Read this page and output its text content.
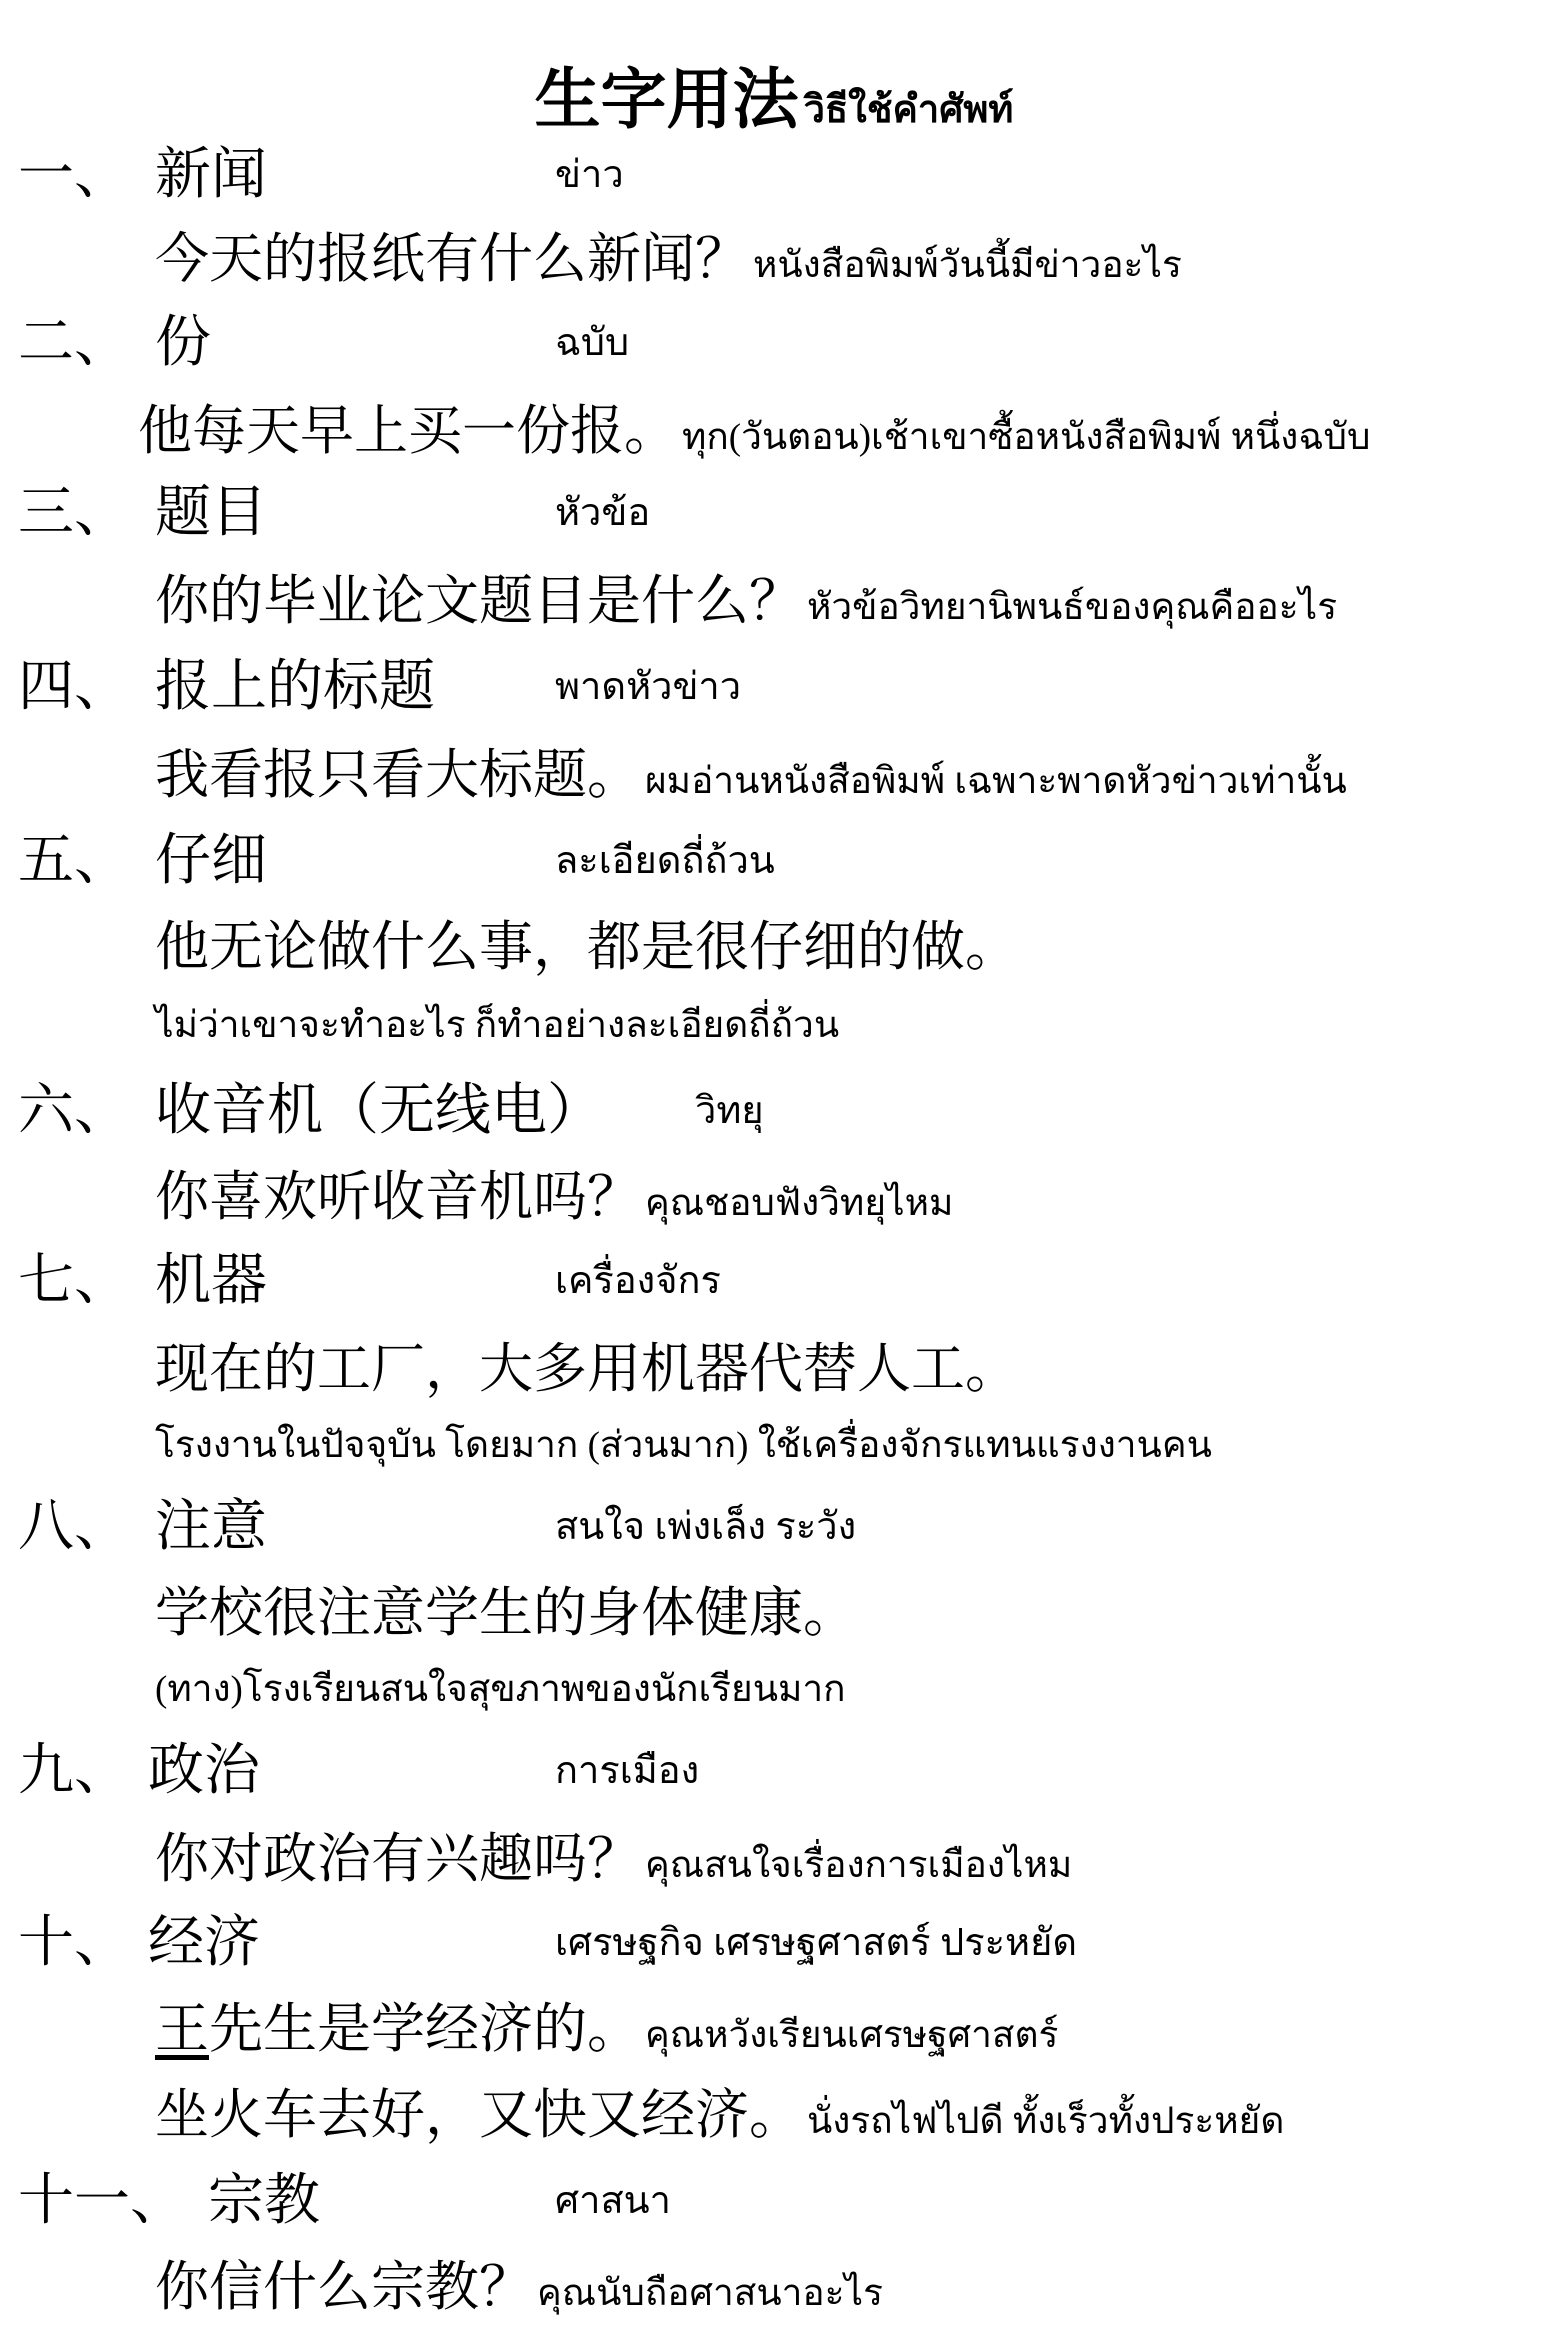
生字用法 วิธีใช้คำศัพท์
一、 新闻	ข่าว
今天的报纸有什么新闻？ หนังสือพิมพ์วันนี้มีข่าวอะไร
二、 份	ฉบับ
他每天早上买一份报。 ทุก(วันตอน)เช้าเขาซื้อหนังสือพิมพ์ หนึ่งฉบับ
三、 题目	หัวข้อ
你的毕业论文题目是什么？ หัวข้อวิทยานิพนธ์ของคุณคืออะไร
四、 报上的标题	พาดหัวข่าว
我看报只看大标题。 ผมอ่านหนังสือพิมพ์ เฉพาะพาดหัวข่าวเท่านั้น
五、 仔细	ละเอียดถี่ถ้วน
他无论做什么事，都是很仔细的做。
ไม่ว่าเขาจะทำอะไร ก็ทำอย่างละเอียดถี่ถ้วน
六、 收音机（无线电） วิทยุ
你喜欢听收音机吗？ คุณชอบฟังวิทยุไหม
七、 机器	เครื่องจักร
现在的工厂，大多用机器代替人工。
โรงงานในปัจจุบัน โดยมาก (ส่วนมาก) ใช้เครื่องจักรแทนแรงงานคน
八、 注意	สนใจ เพ่งเล็ง ระวัง
学校很注意学生的身体健康。
(ทาง)โรงเรียนสนใจสุขภาพของนักเรียนมาก
九、 政治	การเมือง
你对政治有兴趣吗？ คุณสนใจเรื่องการเมืองไหม
十、 经济	เศรษฐกิจ เศรษฐศาสตร์ ประหยัด
王先生是学经济的。 คุณหวังเรียนเศรษฐศาสตร์
坐火车去好，又快又经济。 นั่งรถไฟไปดี ทั้งเร็วทั้งประหยัด
十一、 宗教	ศาสนา
你信什么宗教？ คุณนับถือศาสนาอะไร
